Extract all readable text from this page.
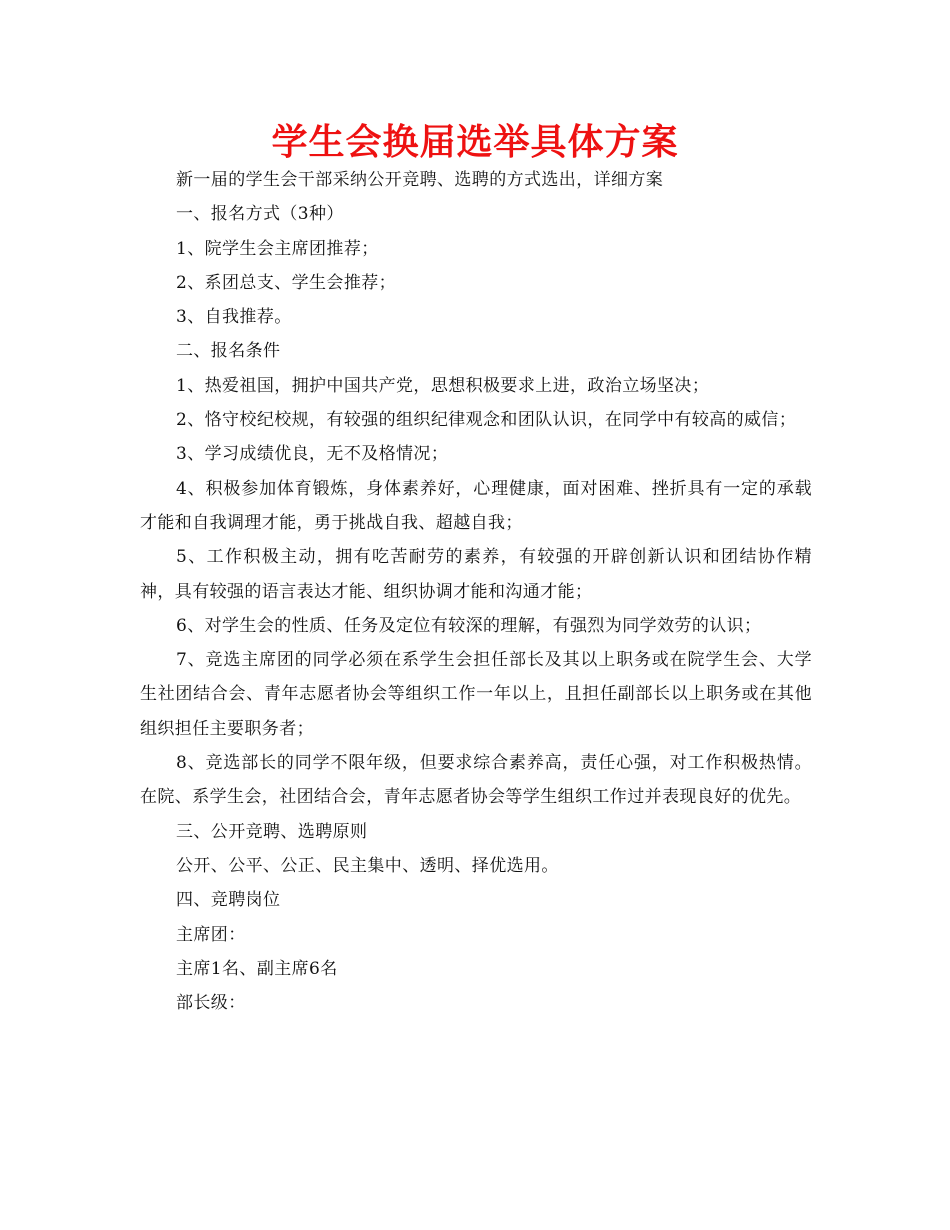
学生会换届选举具体方案

新一届的学生会干部采纳公开竞聘、选聘的方式选出，详细方案

一、报名方式（3种）

1、院学生会主席团推荐；

2、系团总支、学生会推荐；

3、自我推荐。

二、报名条件

1、热爱祖国，拥护中国共产党，思想积极要求上进，政治立场坚决；

2、恪守校纪校规，有较强的组织纪律观念和团队认识，在同学中有较高的威信；

3、学习成绩优良，无不及格情况；

4、积极参加体育锻炼，身体素养好，心理健康，面对困难、挫折具有一定的承载才能和自我调理才能，勇于挑战自我、超越自我；

5、工作积极主动，拥有吃苦耐劳的素养，有较强的开辟创新认识和团结协作精神，具有较强的语言表达才能、组织协调才能和沟通才能；

6、对学生会的性质、任务及定位有较深的理解，有强烈为同学效劳的认识；

7、竞选主席团的同学必须在系学生会担任部长及其以上职务或在院学生会、大学生社团结合会、青年志愿者协会等组织工作一年以上，且担任副部长以上职务或在其他组织担任主要职务者；

8、竞选部长的同学不限年级，但要求综合素养高，责任心强，对工作积极热情。在院、系学生会，社团结合会，青年志愿者协会等学生组织工作过并表现良好的优先。

三、公开竞聘、选聘原则

公开、公平、公正、民主集中、透明、择优选用。

四、竞聘岗位

主席团：

主席1名、副主席6名

部长级：
